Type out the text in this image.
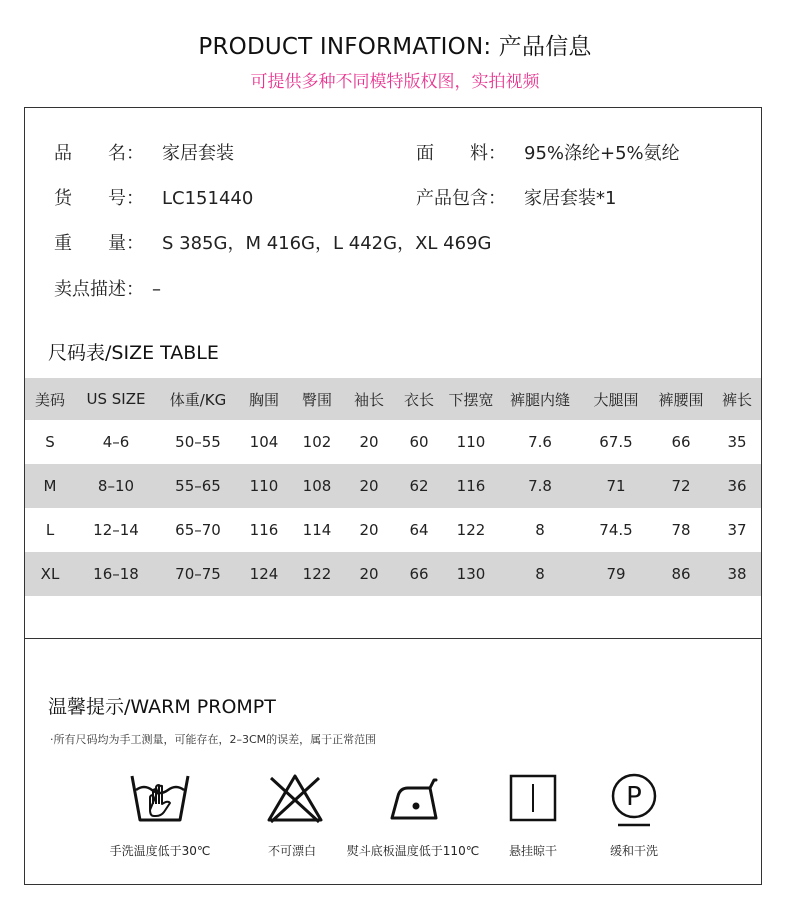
PRODUCT INFORMATION: 产品信息
可提供多种不同模特版权图，实拍视频
品　　名： 家居套装	面　　料： 95%涤纶+5%氨纶
货　　号： LC151440	产品包含： 家居套装*1
重　　量： S 385G，M 416G，L 442G，XL 469G
卖点描述： –
尺码表/SIZE TABLE
美码	US SIZE	体重/KG	胸围	臀围	袖长	衣长	下摆宽	裤腿内缝	大腿围	裤腰围	裤长
S	4–6	50–55	104	102	20	60	110	7.6	67.5	66	35
M	8–10	55–65	110	108	20	62	116	7.8	71	72	36
L	12–14	65–70	116	114	20	64	122	8	74.5	78	37
XL	16–18	70–75	124	122	20	66	130	8	79	86	38
温馨提示/WARM PROMPT
·所有尺码均为手工测量，可能存在，2–3CM的误差，属于正常范围
手洗温度低于30℃	不可漂白	熨斗底板温度低于110℃	悬挂晾干
P
缓和干洗
